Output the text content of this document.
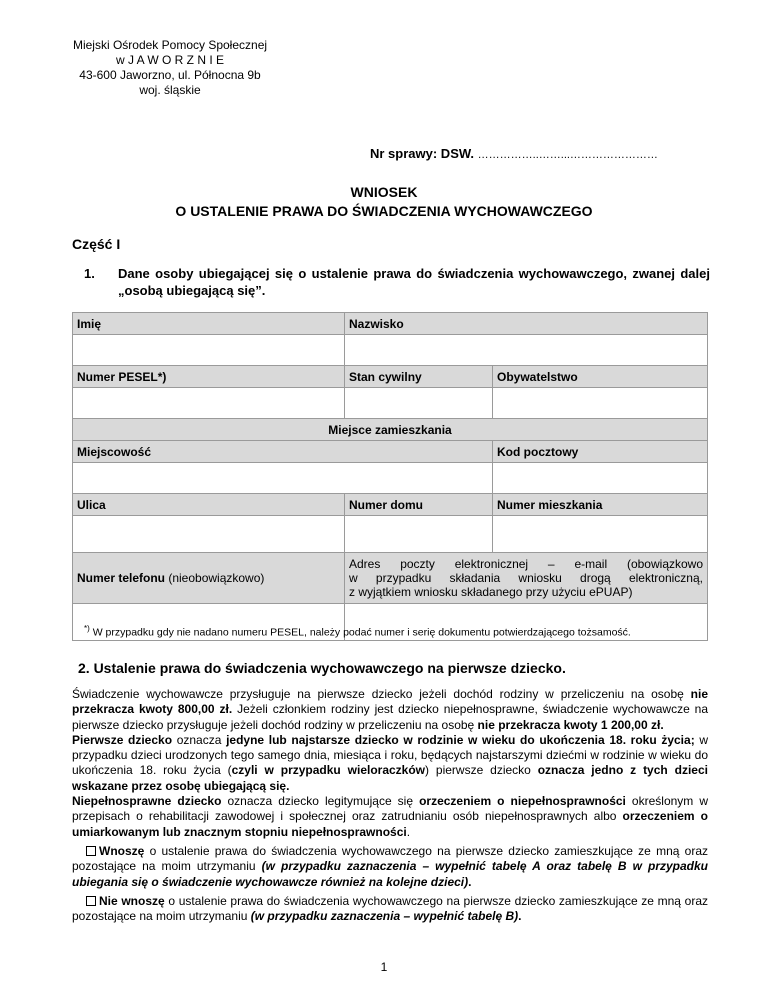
Miejski Ośrodek Pomocy Społecznej
w J A W O R Z N I E
43-600 Jaworzno, ul. Północna 9b
woj. śląskie
Nr sprawy: DSW. ……………..……...……………………
WNIOSEK
O USTALENIE PRAWA DO ŚWIADCZENIA WYCHOWAWCZEGO
Część I
1. Dane osoby ubiegającej się o ustalenie prawa do świadczenia wychowawczego, zwanej dalej „osobą ubiegającą się”.
Imię	Nazwisko	

Numer PESEL*)	Stan cywilny	Obywatelstwo

Miejsce zamieszkania		
Miejscowość		Kod pocztowy

Ulica	Numer domu	Numer mieszkania

Numer telefonu (nieobowiązkowo)	Adres poczty elektronicznej – e-mail (obowiązkowo
w przypadku składania wniosku drogą elektroniczną,
z wyjątkiem wniosku składanego przy użyciu ePUAP)	

*) W przypadku gdy nie nadano numeru PESEL, należy podać numer i serię dokumentu potwierdzającego tożsamość.
2. Ustalenie prawa do świadczenia wychowawczego na pierwsze dziecko.

Świadczenie wychowawcze przysługuje na pierwsze dziecko jeżeli dochód rodziny w przeliczeniu na osobę nie przekracza kwoty 800,00 zł. Jeżeli członkiem rodziny jest dziecko niepełnosprawne, świadczenie wychowawcze na pierwsze dziecko przysługuje jeżeli dochód rodziny w przeliczeniu na osobę nie przekracza kwoty 1 200,00 zł.

Pierwsze dziecko oznacza jedyne lub najstarsze dziecko w rodzinie w wieku do ukończenia 18. roku życia; w przypadku dzieci urodzonych tego samego dnia, miesiąca i roku, będących najstarszymi dziećmi w rodzinie w wieku do ukończenia 18. roku życia (czyli w przypadku wieloraczków) pierwsze dziecko oznacza jedno z tych dzieci wskazane przez osobę ubiegającą się.

Niepełnosprawne dziecko oznacza dziecko legitymujące się orzeczeniem o niepełnosprawności określonym w przepisach o rehabilitacji zawodowej i społecznej oraz zatrudnianiu osób niepełnosprawnych albo orzeczeniem o umiarkowanym lub znacznym stopniu niepełnosprawności.

Wnoszę o ustalenie prawa do świadczenia wychowawczego na pierwsze dziecko zamieszkujące ze mną oraz pozostające na moim utrzymaniu (w przypadku zaznaczenia – wypełnić tabelę A oraz tabelę B w przypadku ubiegania się o świadczenie wychowawcze również na kolejne dzieci).

Nie wnoszę o ustalenie prawa do świadczenia wychowawczego na pierwsze dziecko zamieszkujące ze mną oraz pozostające na moim utrzymaniu (w przypadku zaznaczenia – wypełnić tabelę B).

1
